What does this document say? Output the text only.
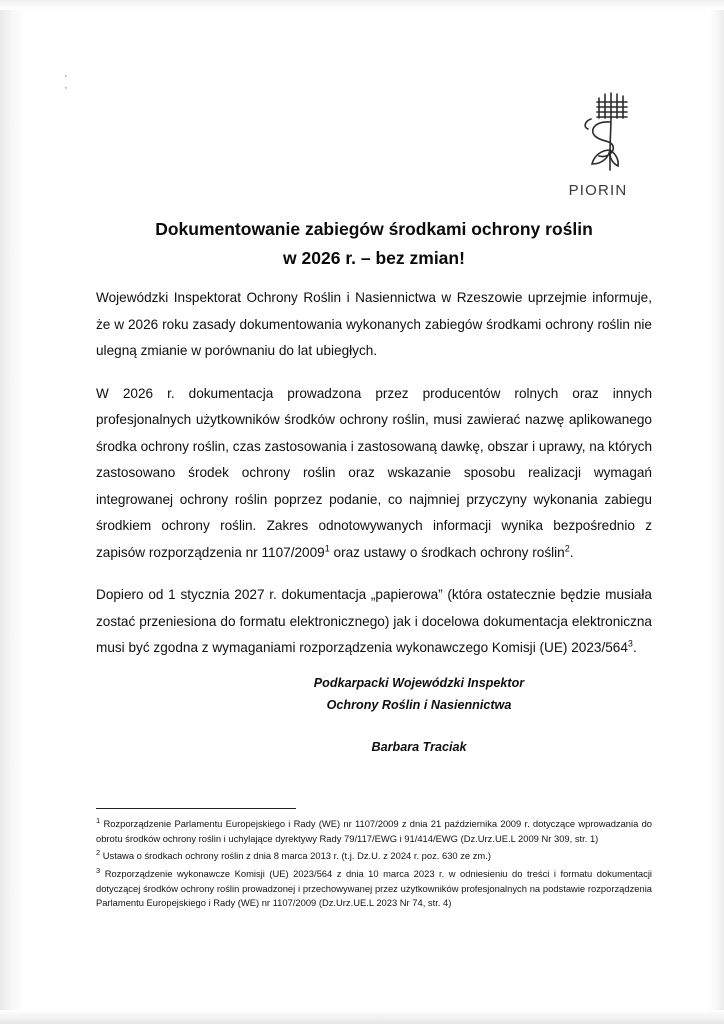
· ·
PIORIN
Dokumentowanie zabiegów środkami ochrony roślin
w 2026 r. – bez zmian!

Wojewódzki Inspektorat Ochrony Roślin i Nasiennictwa w Rzeszowie uprzejmie informuje, że w 2026 roku zasady dokumentowania wykonanych zabiegów środkami ochrony roślin nie ulegną zmianie w porównaniu do lat ubiegłych.

W 2026 r. dokumentacja prowadzona przez producentów rolnych oraz innych profesjonalnych użytkowników środków ochrony roślin, musi zawierać nazwę aplikowanego środka ochrony roślin, czas zastosowania i zastosowaną dawkę, obszar i uprawy, na których zastosowano środek ochrony roślin oraz wskazanie sposobu realizacji wymagań integrowanej ochrony roślin poprzez podanie, co najmniej przyczyny wykonania zabiegu środkiem ochrony roślin. Zakres odnotowywanych informacji wynika bezpośrednio z zapisów rozporządzenia nr 1107/2009$^1$ oraz ustawy o środkach ochrony roślin$^2$.

Dopiero od 1 stycznia 2027 r. dokumentacja „papierowa” (która ostatecznie będzie musiała zostać przeniesiona do formatu elektronicznego) jak i docelowa dokumentacja elektroniczna musi być zgodna z wymaganiami rozporządzenia wykonawczego Komisji (UE) $2023/564^3$.

Podkarpacki Wojewódzki Inspektor
Ochrony Roślin i Nasiennictwa
Barbara Traciak

$^1$ Rozporządzenie Parlamentu Europejskiego i Rady (WE) nr 1107/2009 z dnia 21 października 2009 r. dotyczące wprowadzania do obrotu środków ochrony roślin i uchylające dyrektywy Rady 79/117/EWG i 91/414/EWG (Dz.Urz.UE.L 2009 Nr 309, str. 1)

$^2$ Ustawa o środkach ochrony roślin z dnia 8 marca 2013 r. (t.j. Dz.U. z 2024 r. poz. 630 ze zm.)

$^3$ Rozporządzenie wykonawcze Komisji (UE) 2023/564 z dnia 10 marca 2023 r. w odniesieniu do treści i formatu dokumentacji dotyczącej środków ochrony roślin prowadzonej i przechowywanej przez użytkowników profesjonalnych na podstawie rozporządzenia Parlamentu Europejskiego i Rady (WE) nr 1107/2009 (Dz.Urz.UE.L 2023 Nr 74, str. 4)
